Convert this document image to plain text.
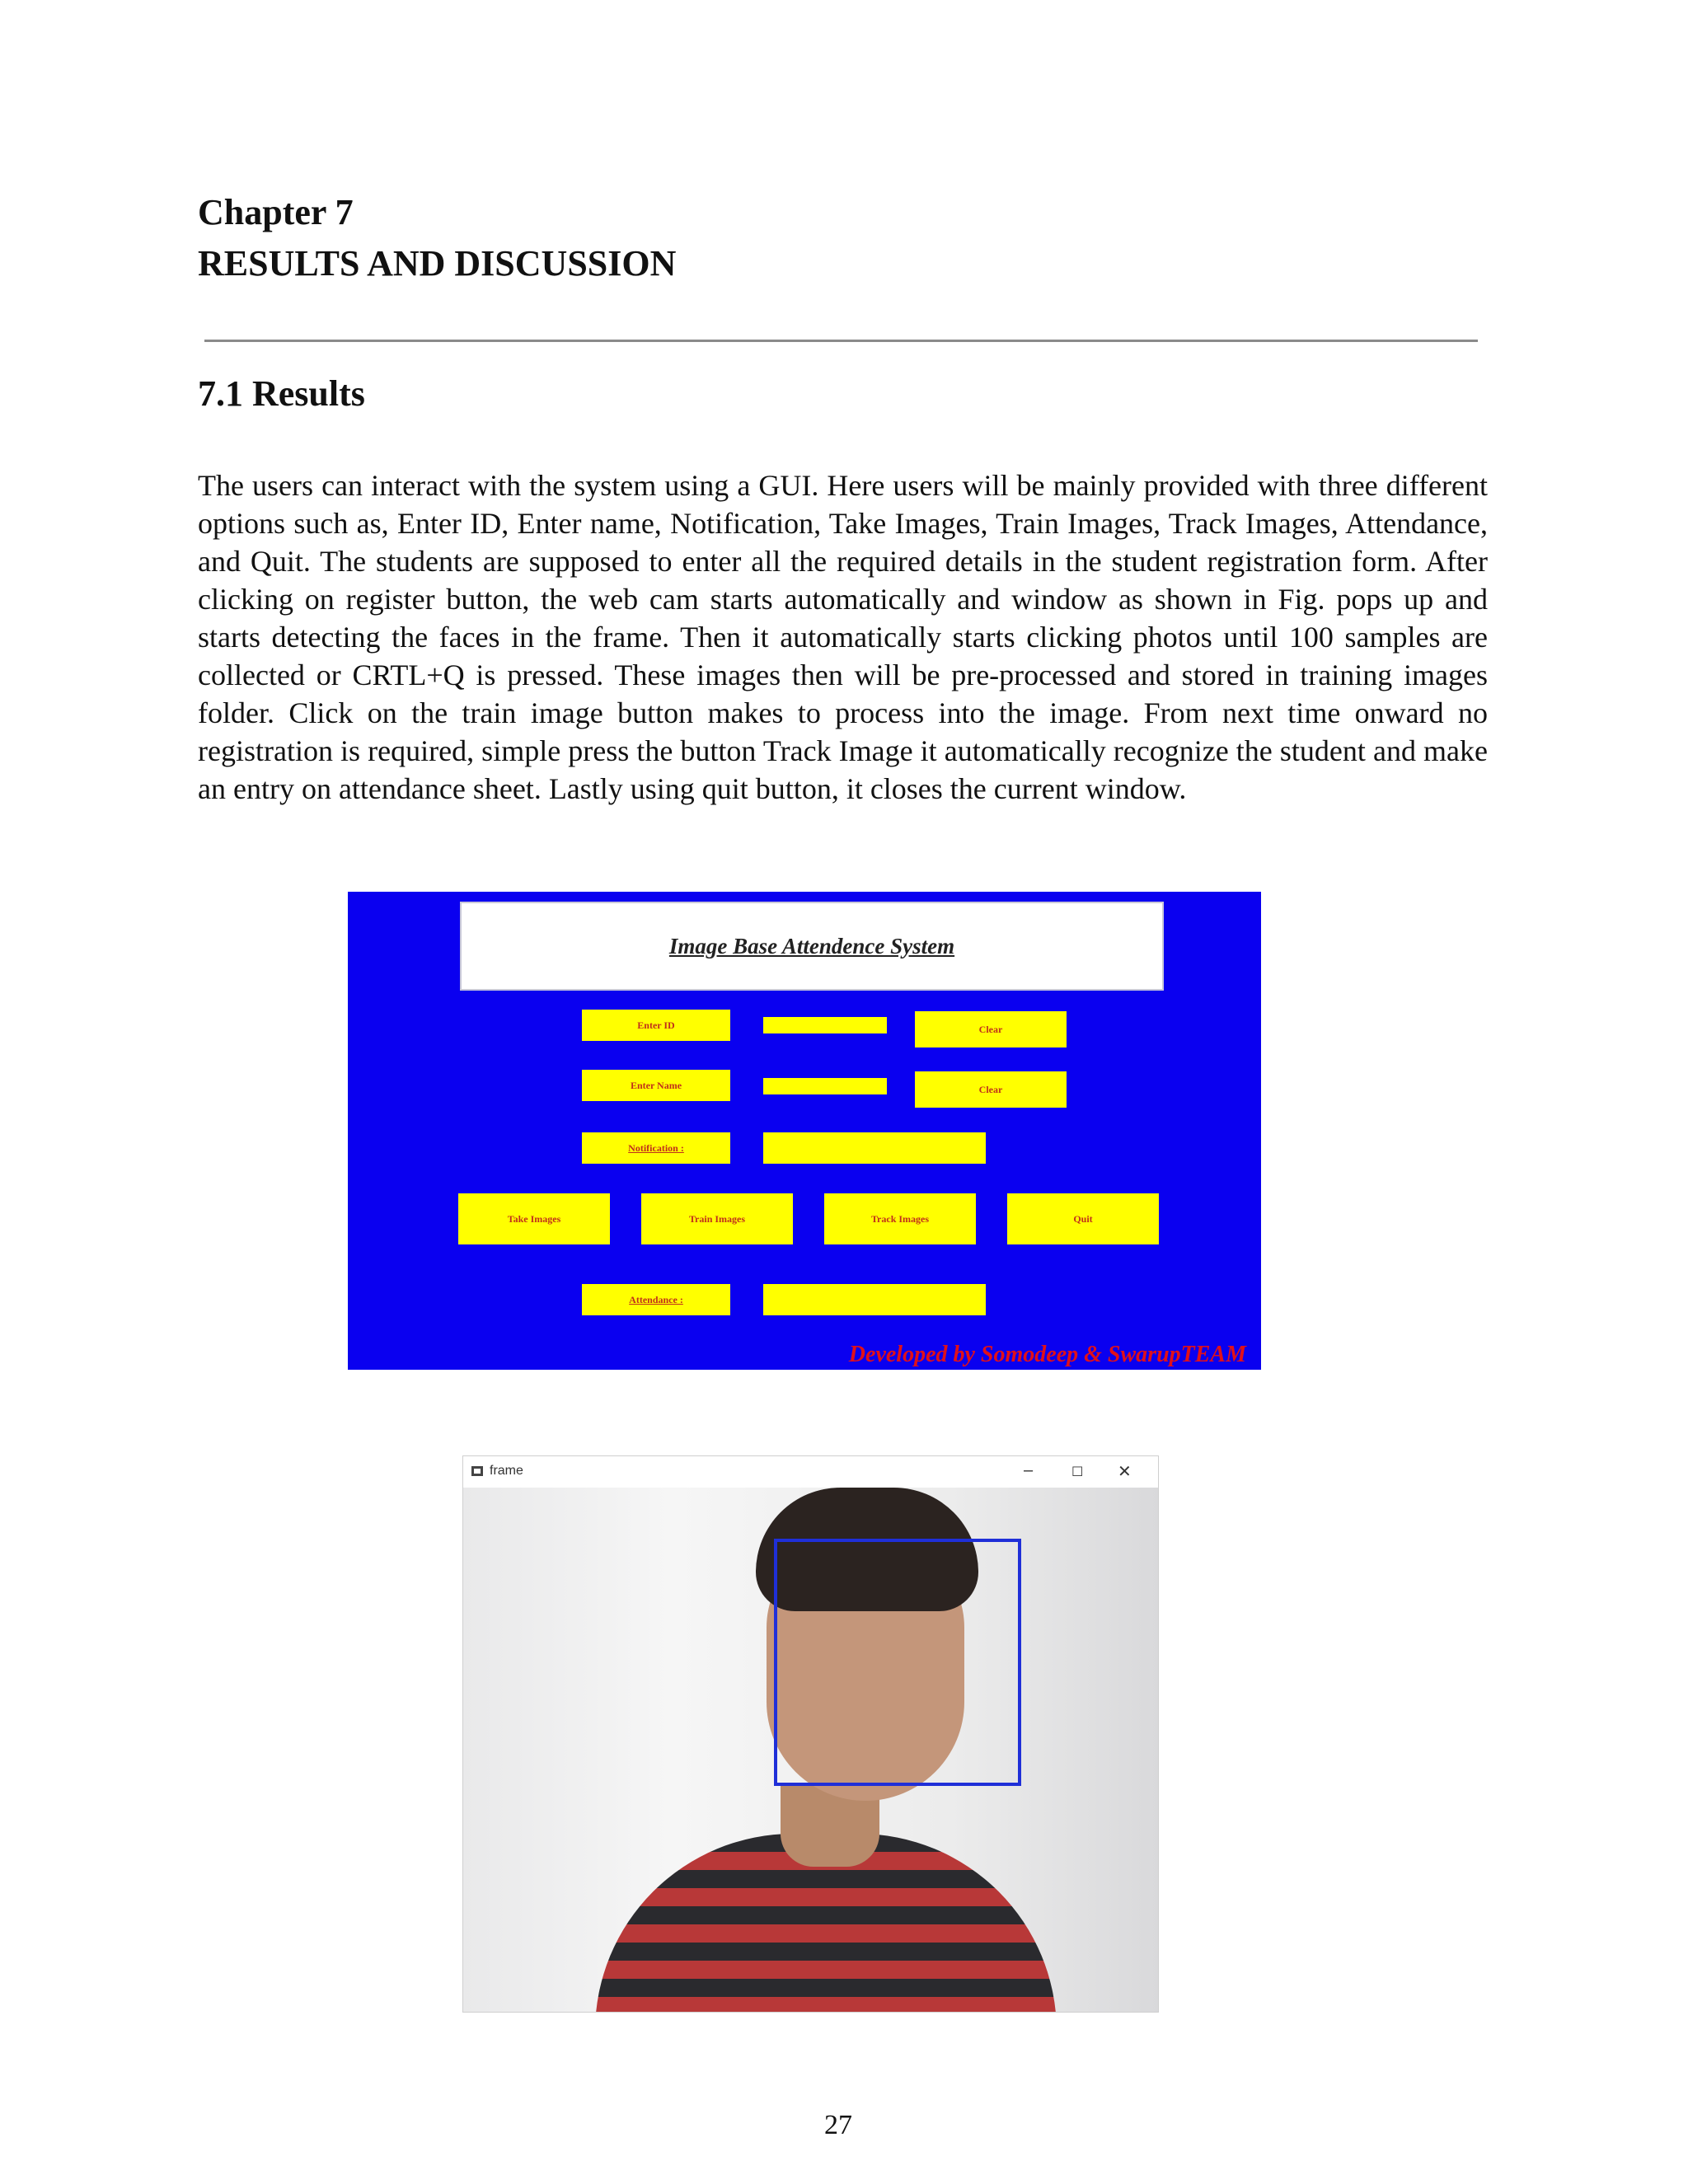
Chapter 7
RESULTS AND DISCUSSION
7.1 Results

The users can interact with the system using a GUI. Here users will be mainly provided with three different options such as, Enter ID, Enter name, Notification, Take Images, Train Images, Track Images, Attendance, and Quit. The students are supposed to enter all the required details in the student registration form. After clicking on register button, the web cam starts automatically and window as shown in Fig. pops up and starts detecting the faces in the frame. Then it automatically starts clicking photos until 100 samples are collected or CRTL+Q is pressed. These images then will be pre-processed and stored in training images folder. Click on the train image button makes to process into the image. From next time onward no registration is required, simple press the button Track Image it automatically recognize the student and make an entry on attendance sheet. Lastly using quit button, it closes the current window.

Image Base Attendence System
Enter ID	Clear
Enter Name	Clear
Notification :
Take Images	Train Images	Track Images	Quit
Attendance :
Developed by Somodeep & SwarupTEAM
frame	–	☐ ✕
27
